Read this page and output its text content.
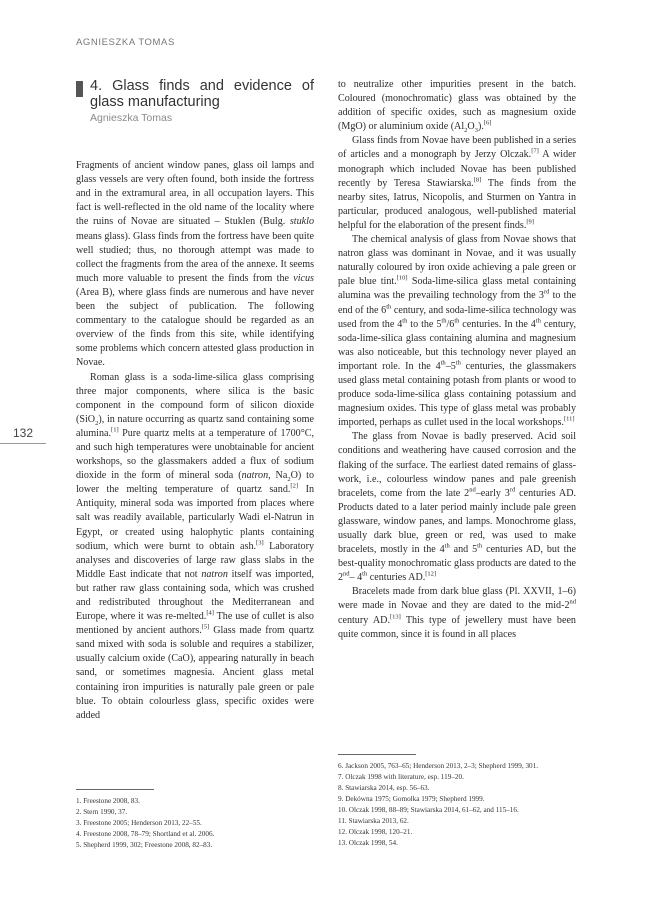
AGNIESZKA TOMAS
132
4. Glass finds and evidence of glass manufacturing
Agnieszka Tomas

Fragments of ancient window panes, glass oil lamps and glass vessels are very often found, both inside the fortress and in the extramural area, in all occupation layers. This fact is well-reflected in the old name of the locality where the ruins of Novae are situated – Stuklen (Bulg. stuklo means glass). Glass finds from the fortress have been quite well studied; thus, no thorough attempt was made to collect the fragments from the area of the annexe. It seems much more valuable to present the finds from the vicus (Area B), where glass finds are numerous and have never been the subject of publication. The following commentary to the catalogue should be regarded as an overview of the finds from this site, while identifying some problems which concern attested glass production in Novae.

Roman glass is a soda-lime-silica glass comprising three major components, where silica is the basic component in the compound form of silicon dioxide (SiO$_2$), in nature occurring as quartz sand containing some alumina.[1] Pure quartz melts at a temperature of 1700°C, and such high temperatures were unobtainable for ancient workshops, so the glassmakers added a flux of sodium dioxide in the form of mineral soda (natron, $Na_2O$) to lower the melting temperature of quartz sand.[2] In Antiquity, mineral soda was imported from places where salt was readily available, particularly Wadi el-Natrun in Egypt, or created using halophytic plants containing sodium, which were burnt to obtain ash.[3] Laboratory analyses and discoveries of large raw glass slabs in the Middle East indicate that not natron itself was imported, but rather raw glass containing soda, which was crushed and redistributed throughout the Mediterranean and Europe, where it was re-melted.[4] The use of cullet is also mentioned by ancient authors.[5] Glass made from quartz sand mixed with soda is soluble and requires a stabilizer, usually calcium oxide (CaO), appearing naturally in beach sand, or sometimes magnesia. Ancient glass metal containing iron impurities is naturally pale green or pale blue. To obtain colourless glass, specific oxides were added

to neutralize other impurities present in the batch. Coloured (monochromatic) glass was obtained by the addition of specific oxides, such as magnesium oxide (MgO) or aluminium oxide $(Al_2O_3).[6]$

Glass finds from Novae have been published in a series of articles and a monograph by Jerzy Olczak.[7] A wider monograph which included Novae has been published recently by Teresa Stawiarska.[8] The finds from the nearby sites, Iatrus, Nicopolis, and Sturmen on Yantra in particular, produced analogous, well-published material helpful for the elaboration of the present finds.[9]

The chemical analysis of glass from Novae shows that natron glass was dominant in Novae, and it was usually naturally coloured by iron oxide achieving a pale green or pale blue tint.[10] Soda-lime-silica glass metal containing alumina was the prevailing technology from the 3rd to the end of the 6th century, and soda-lime-silica technology was used from the 4th to the 5th/6th centuries. In the 4th century, soda-lime-silica glass containing alumina and magnesium was also noticeable, but this technology never played an important role. In the 4th–5th centuries, the glassmakers used glass metal containing potash from plants or wood to produce soda-lime-silica glass containing potassium and magnesium oxides. This type of glass metal was probably imported, perhaps as cullet used in the local workshops.[11]

The glass from Novae is badly preserved. Acid soil conditions and weathering have caused corrosion and the flaking of the surface. The earliest dated remains of glass-work, i.e., colourless window panes and pale greenish bracelets, come from the late 2nd–early 3rd centuries AD. Products dated to a later period mainly include pale green glassware, window panes, and lamps. Monochrome glass, usually dark blue, green or red, was used to make bracelets, mostly in the 4th and 5th centuries AD, but the best-quality monochromatic glass products are dated to the 2nd– 4th centuries AD.[12]

Bracelets made from dark blue glass (Pl. XXVII, 1–6) were made in Novae and they are dated to the mid-2nd century AD.[13] This type of jewellery must have been quite common, since it is found in all places

1. Freestone 2008, 83.
2. Stern 1990, 37.
3. Freestone 2005; Henderson 2013, 22–55.
4. Freestone 2008, 78–79; Shortland et al. 2006.
5. Shepherd 1999, 302; Freestone 2008, 82–83.
6. Jackson 2005, 763–65; Henderson 2013, 2–3; Shepherd 1999, 301.
7. Olczak 1998 with literature, esp. 119–20.
8. Stawiarska 2014, esp. 56–63.
9. Dekówna 1975; Gomolka 1979; Shepherd 1999.
10. Olczak 1998, 88–89; Stawiarska 2014, 61–62, and 115–16.
11. Stawiarska 2013, 62.
12. Olczak 1998, 120–21.
13. Olczak 1998, 54.
